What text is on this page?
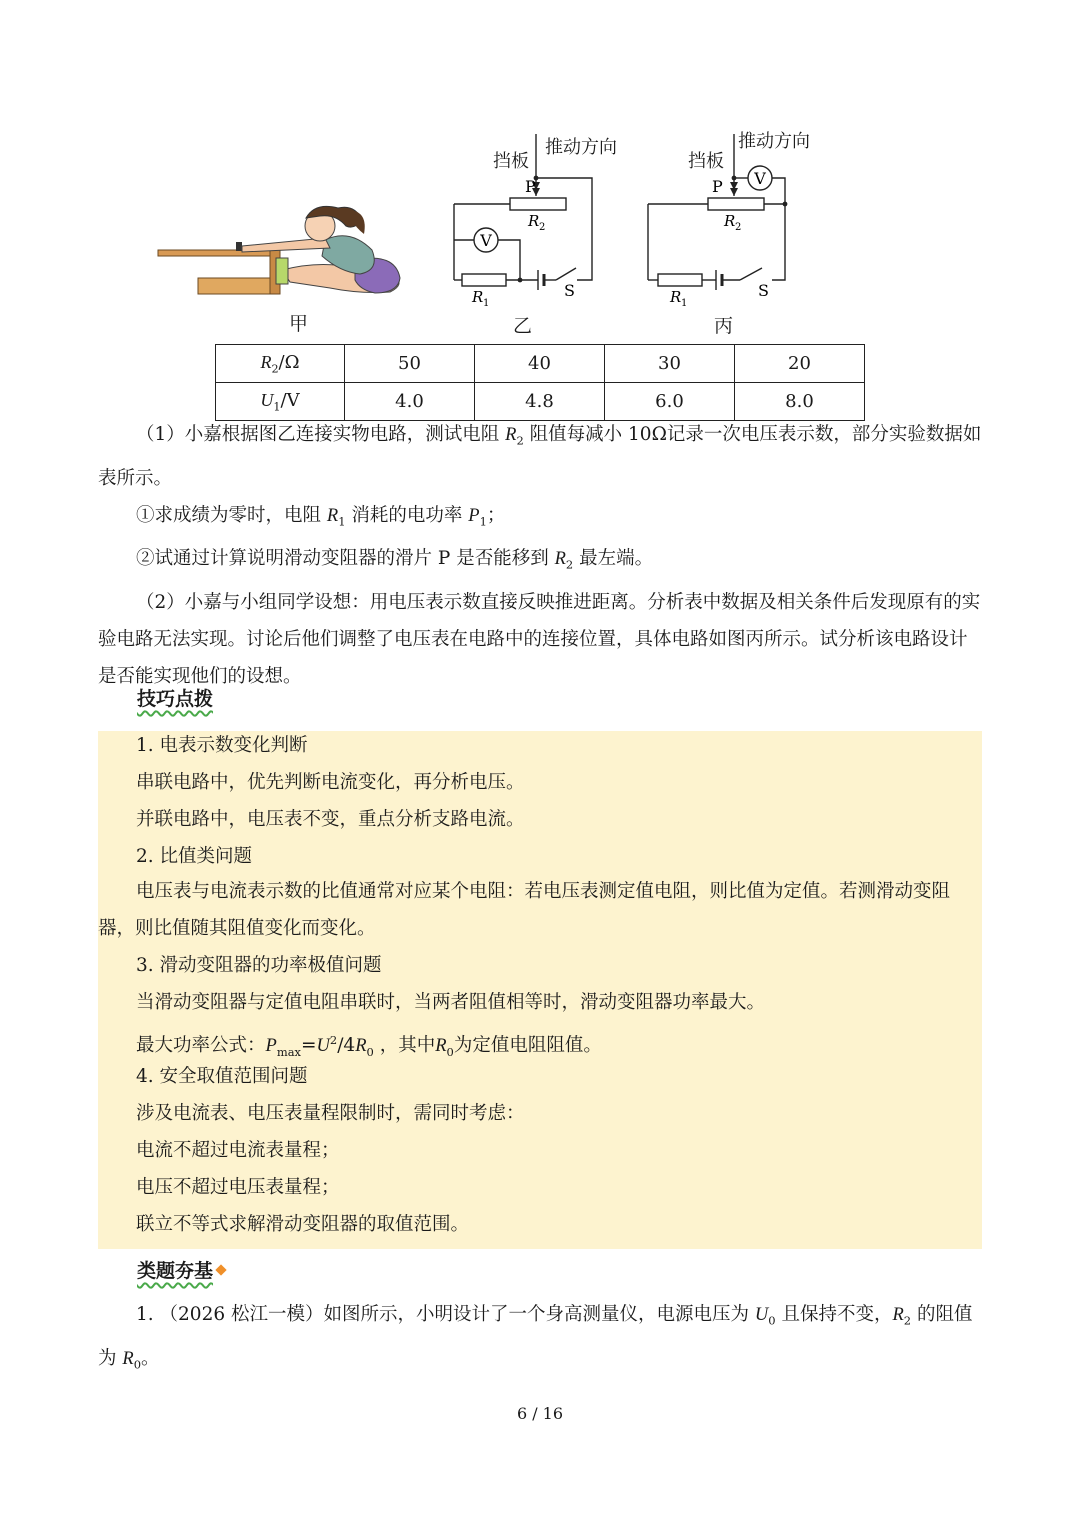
甲
V
P
R 2
R 1
S
挡板
推动方向
乙
V
P
R 2
R 1
S
挡板
推动方向
丙
$R_2/\Omega$	50	40	30	20
$U_1/V$	4.0	4.8	6.0	8.0

（1）小嘉根据图乙连接实物电路，测试电阻 $R_2$ 阻值每减小 10Ω记录一次电压表示数，部分实验数据如表所示。

①求成绩为零时，电阻 $R_1$ 消耗的电功率 $P_1$；

②试通过计算说明滑动变阻器的滑片 P 是否能移到 $R_2$ 最左端。

（2）小嘉与小组同学设想：用电压表示数直接反映推进距离。分析表中数据及相关条件后发现原有的实验电路无法实现。讨论后他们调整了电压表在电路中的连接位置，具体电路如图丙所示。试分析该电路设计是否能实现他们的设想。

技巧点拨
1. 电表示数变化判断
串联电路中，优先判断电流变化，再分析电压。
并联电路中，电压表不变，重点分析支路电流。
2. 比值类问题
电压表与电流表示数的比值通常对应某个电阻：若电压表测定值电阻，则比值为定值。若测滑动变阻器，则比值随其阻值变化而变化。
3. 滑动变阻器的功率极值问题
当滑动变阻器与定值电阻串联时，当两者阻值相等时，滑动变阻器功率最大。
最大功率公式：$P_{max}=U^2/4R_0$ ，其中$R_0$为定值电阻阻值。
4. 安全取值范围问题
涉及电流表、电压表量程限制时，需同时考虑：
电流不超过电流表量程；
电压不超过电压表量程；
联立不等式求解滑动变阻器的取值范围。
类题夯基

1. （2026 松江一模）如图所示，小明设计了一个身高测量仪，电源电压为 $U_0$ 且保持不变，$R_2$ 的阻值为 $R_0$。

6 / 16
